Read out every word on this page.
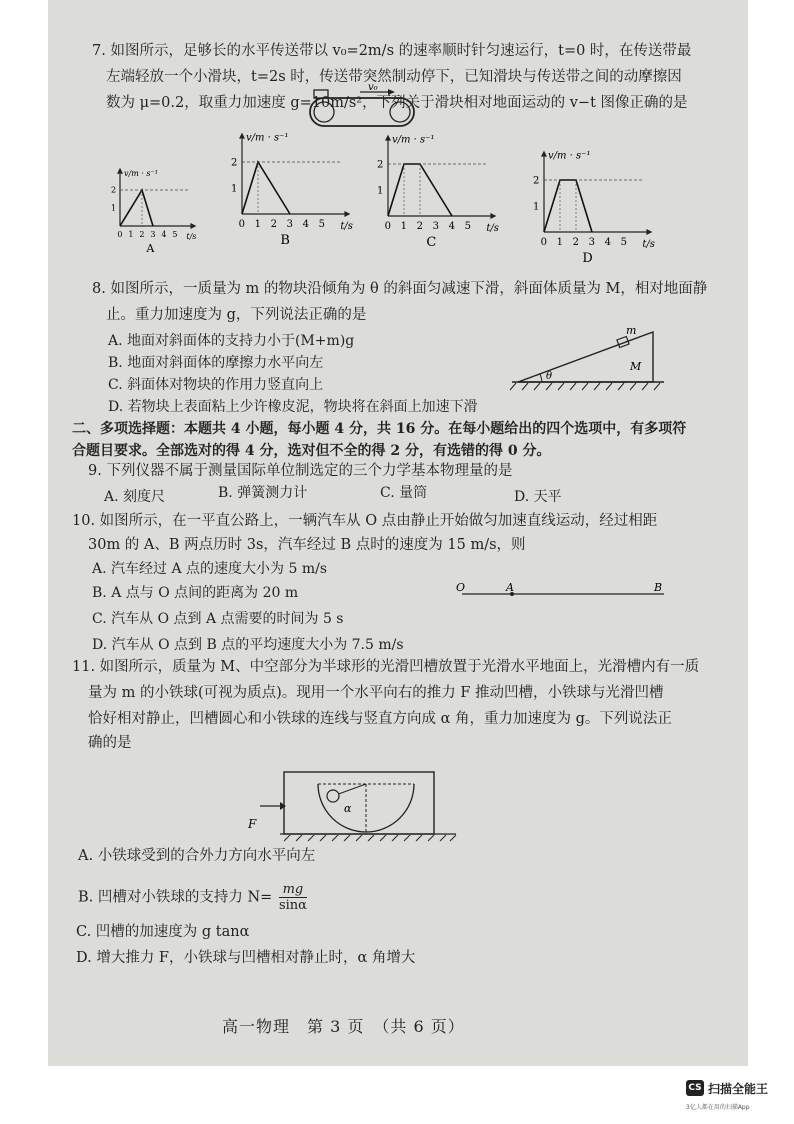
7. 如图所示，足够长的水平传送带以 v₀=2m/s 的速率顺时针匀速运行，t=0 时，在传送带最
左端轻放一个小滑块，t=2s 时，传送带突然制动停下，已知滑块与传送带之间的动摩擦因
数为 μ=0.2，取重力加速度 g=10m/s²，下列关于滑块相对地面运动的 v−t 图像正确的是
v₀
1
2
0 1 2 3 4 5
v/m · s⁻¹
t/s
A
1
2
0 1 2 3 4 5
v/m · s⁻¹
t/s
B
1
2
0 1 2 3 4 5
v/m · s⁻¹
t/s
C
1
2
0 1 2 3 4 5
v/m · s⁻¹
t/s
D
8. 如图所示，一质量为 m 的物块沿倾角为 θ 的斜面匀减速下滑，斜面体质量为 M，相对地面静
止。重力加速度为 g，下列说法正确的是
A. 地面对斜面体的支持力小于(M+m)g
B. 地面对斜面体的摩擦力水平向左
C. 斜面体对物块的作用力竖直向上
D. 若物块上表面粘上少许橡皮泥，物块将在斜面上加速下滑
m
M
θ
二、多项选择题：本题共 4 小题，每小题 4 分，共 16 分。在每小题给出的四个选项中，有多项符
合题目要求。全部选对的得 4 分，选对但不全的得 2 分，有选错的得 0 分。
9. 下列仪器不属于测量国际单位制选定的三个力学基本物理量的是
A. 刻度尺	B. 弹簧测力计	C. 量筒	D. 天平
10. 如图所示，在一平直公路上，一辆汽车从 O 点由静止开始做匀加速直线运动，经过相距
30m 的 A、B 两点历时 3s，汽车经过 B 点时的速度为 15 m/s，则
A. 汽车经过 A 点的速度大小为 5 m/s
B. A 点与 O 点间的距离为 20 m
C. 汽车从 O 点到 A 点需要的时间为 5 s
D. 汽车从 O 点到 B 点的平均速度大小为 7.5 m/s
O	A	B
11. 如图所示，质量为 M、中空部分为半球形的光滑凹槽放置于光滑水平地面上，光滑槽内有一质
量为 m 的小铁球(可视为质点)。现用一个水平向右的推力 F 推动凹槽，小铁球与光滑凹槽
恰好相对静止，凹槽圆心和小铁球的连线与竖直方向成 α 角，重力加速度为 g。下列说法正
确的是
α
F
A. 小铁球受到的合外力方向水平向左
B. 凹槽对小铁球的支持力 $N= \frac{mg}{\sin\alpha}$
C. 凹槽的加速度为 g tanα
D. 增大推力 F，小铁球与凹槽相对静止时，α 角增大
高一物理　第 3 页　（共 6 页）
CS 扫描全能王
3亿人都在用的扫描App
